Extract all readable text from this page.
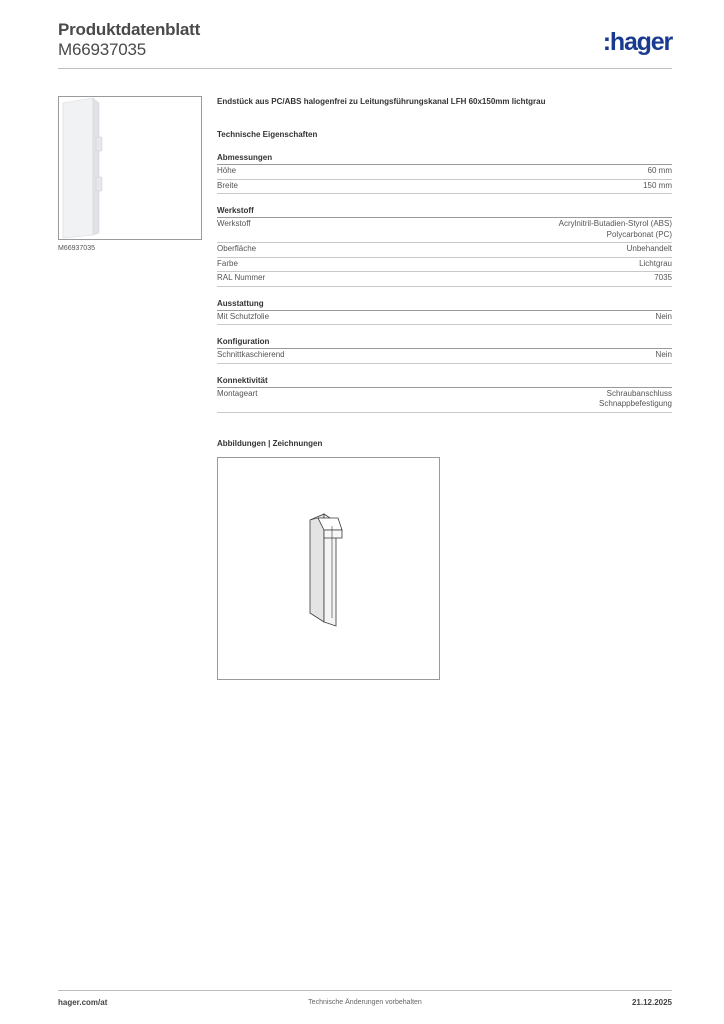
Produktdatenblatt
M66937035	:hager
M66937035
Endstück aus PC/ABS halogenfrei zu Leitungsführungskanal LFH 60x150mm lichtgrau
Technische Eigenschaften
Abmessungen
Höhe	60 mm
Breite	150 mm
Werkstoff
Werkstoff	Acrylnitril-Butadien-Styrol (ABS)
Polycarbonat (PC)
Oberfläche	Unbehandelt
Farbe	Lichtgrau
RAL Nummer	7035
Ausstattung
Mit Schutzfolie	Nein
Konfiguration
Schnittkaschierend	Nein
Konnektivität
Montageart	Schraubanschluss
Schnappbefestigung
Abbildungen | Zeichnungen
hager.com/at	Technische Änderungen vorbehalten	21.12.2025
